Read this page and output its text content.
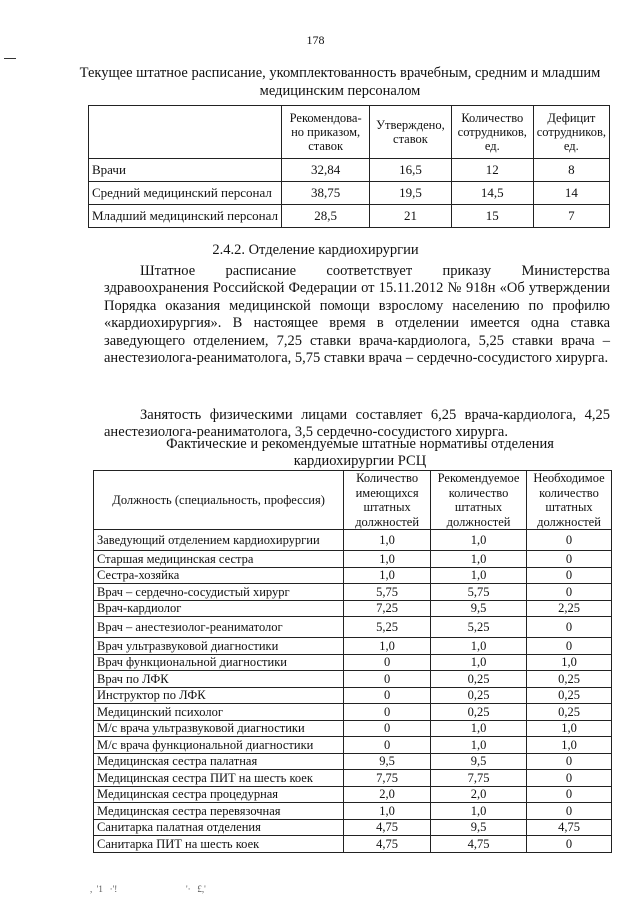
178
Текущее штатное расписание, укомплектованность врачебным, средним и младшим медицинским персоналом
	Рекомендова-но приказом, ставок	Утверждено, ставок	Количество сотрудников, ед.	Дефицит сотрудников, ед.
Врачи	32,84	16,5	12	8
Средний медицинский персонал	38,75	19,5	14,5	14
Младший медицинский персонал	28,5	21	15	7
2.4.2. Отделение кардиохирургии
Штатное расписание соответствует приказу Министерства здравоохранения Российской Федерации от 15.11.2012 № 918н «Об утверждении Порядка оказания медицинской помощи взрослому населению по профилю «кардиохирургия». В настоящее время в отделении имеется одна ставка заведующего отделением, 7,25 ставки врача-кардиолога, 5,25 ставки врача – анестезиолога-реаниматолога, 5,75 ставки врача – сердечно-сосудистого хирурга.
Занятость физическими лицами составляет 6,25 врача-кардиолога, 4,25 анестезиолога-реаниматолога, 3,5 сердечно-сосудистого хирурга.
Фактические и рекомендуемые штатные нормативы отделения кардиохирургии РСЦ
Должность (специальность, профессия)	Количество имеющихся штатных должностей	Рекомендуемое количество штатных должностей	Необходимое количество штатных должностей
Заведующий отделением кардиохирургии	1,0	1,0	0
Старшая медицинская сестра	1,0	1,0	0
Сестра-хозяйка	1,0	1,0	0
Врач – сердечно-сосудистый хирург	5,75	5,75	0
Врач-кардиолог	7,25	9,5	2,25
Врач – анестезиолог-реаниматолог	5,25	5,25	0
Врач ультразвуковой диагностики	1,0	1,0	0
Врач функциональной диагностики	0	1,0	1,0
Врач по ЛФК	0	0,25	0,25
Инструктор по ЛФК	0	0,25	0,25
Медицинский психолог	0	0,25	0,25
М/с врача ультразвуковой диагностики	0	1,0	1,0
М/с врача функциональной диагностики	0	1,0	1,0
Медицинская сестра палатная	9,5	9,5	0
Медицинская сестра ПИТ на шесть коек	7,75	7,75	0
Медицинская сестра процедурная	2,0	2,0	0
Медицинская сестра перевязочная	1,0	1,0	0
Санитарка палатная отделения	4,75	9,5	4,75
Санитарка ПИТ на шесть коек	4,75	4,75	0
,  '1   ·'!	'·   £,'
